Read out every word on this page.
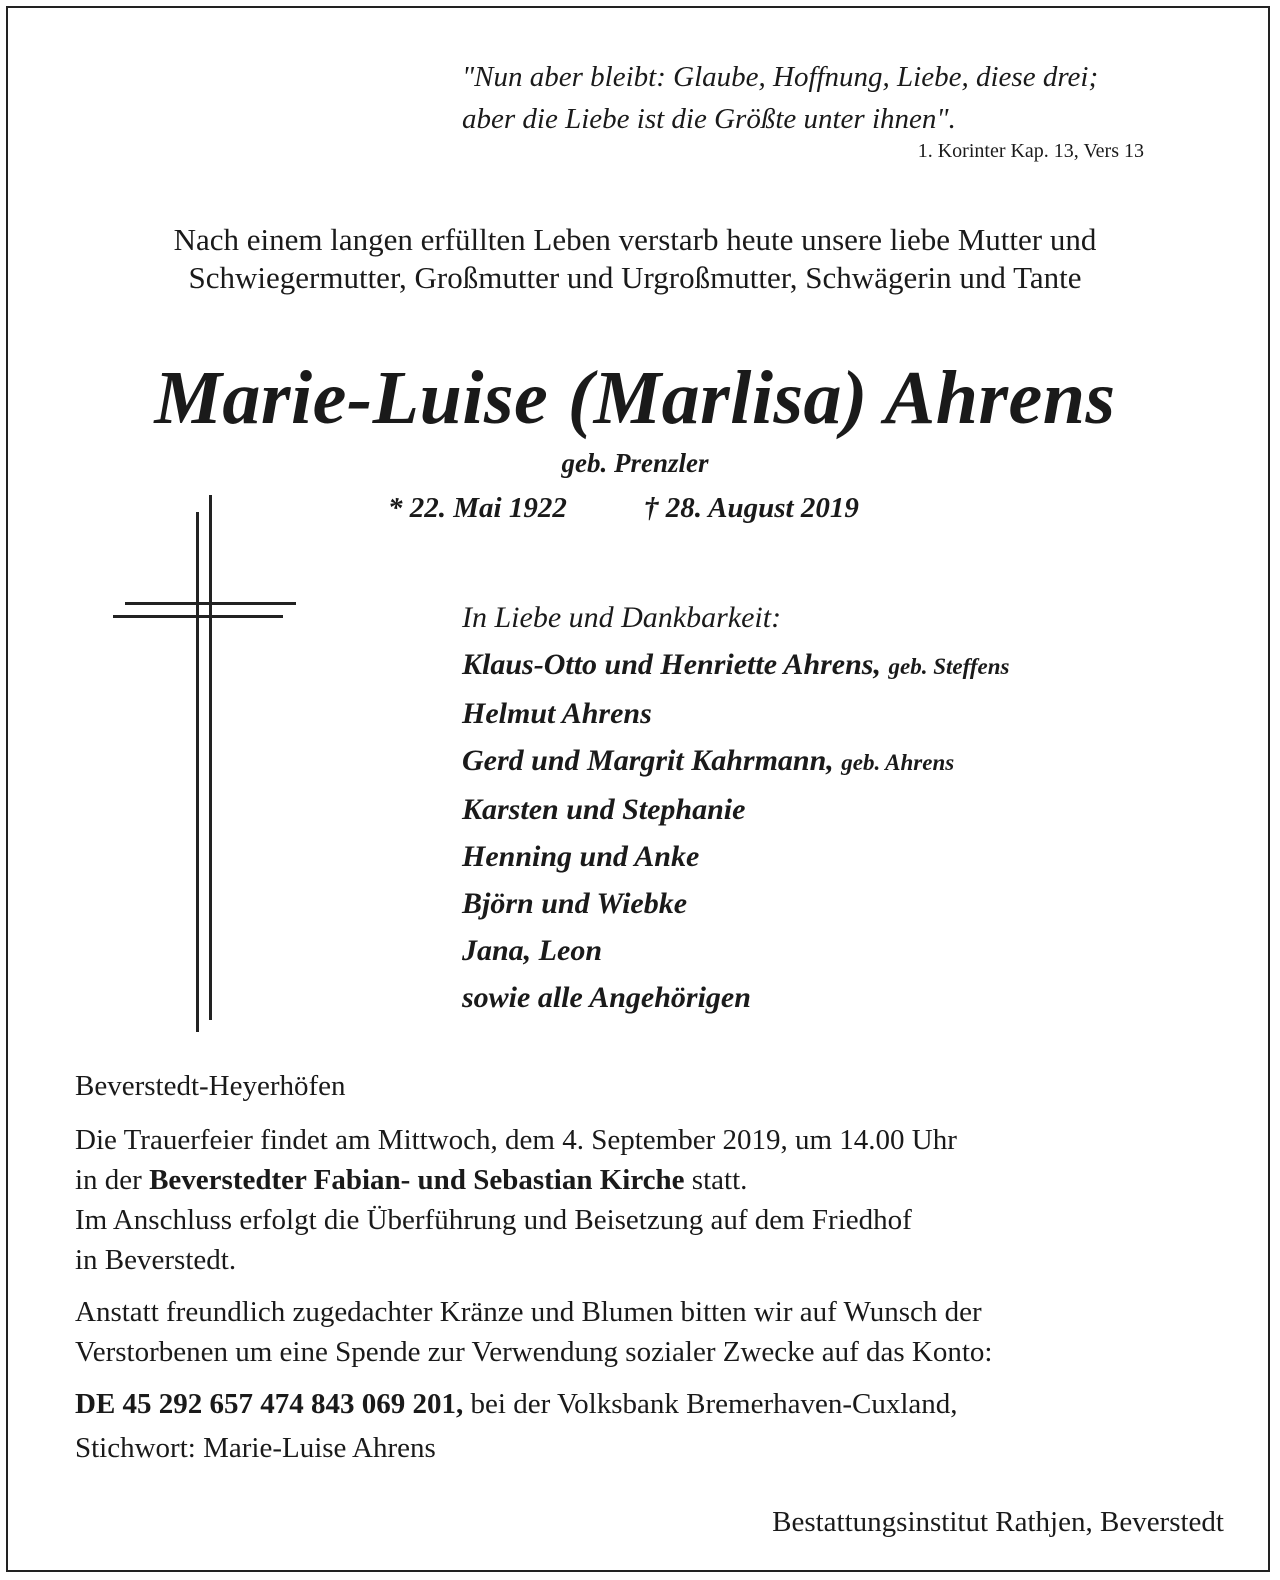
"Nun aber bleibt: Glaube, Hoffnung, Liebe, diese drei;
aber die Liebe ist die Größte unter ihnen".
1. Korinter Kap. 13, Vers 13
Nach einem langen erfüllten Leben verstarb heute unsere liebe Mutter und
Schwiegermutter, Großmutter und Urgroßmutter, Schwägerin und Tante
Marie-Luise (Marlisa) Ahrens
geb. Prenzler
* 22. Mai 1922	† 28. August 2019
In Liebe und Dankbarkeit:
Klaus-Otto und Henriette Ahrens, geb. Steffens
Helmut Ahrens
Gerd und Margrit Kahrmann, geb. Ahrens
Karsten und Stephanie
Henning und Anke
Björn und Wiebke
Jana, Leon
sowie alle Angehörigen
Beverstedt-Heyerhöfen
Die Trauerfeier findet am Mittwoch, dem 4. September 2019, um 14.00 Uhr
in der Beverstedter Fabian- und Sebastian Kirche statt.
Im Anschluss erfolgt die Überführung und Beisetzung auf dem Friedhof
in Beverstedt.
Anstatt freundlich zugedachter Kränze und Blumen bitten wir auf Wunsch der
Verstorbenen um eine Spende zur Verwendung sozialer Zwecke auf das Konto:
DE 45 292 657 474 843 069 201, bei der Volksbank Bremerhaven-Cuxland,
Stichwort: Marie-Luise Ahrens
Bestattungsinstitut Rathjen, Beverstedt
